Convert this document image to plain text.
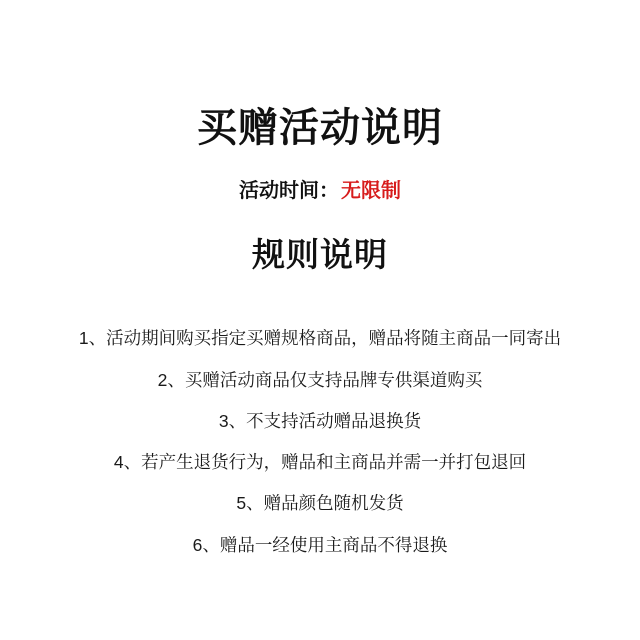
买赠活动说明
活动时间： 无限制
规则说明
1、活动期间购买指定买赠规格商品，赠品将随主商品一同寄出
2、买赠活动商品仅支持品牌专供渠道购买
3、不支持活动赠品退换货
4、若产生退货行为，赠品和主商品并需一并打包退回
5、赠品颜色随机发货
6、赠品一经使用主商品不得退换
